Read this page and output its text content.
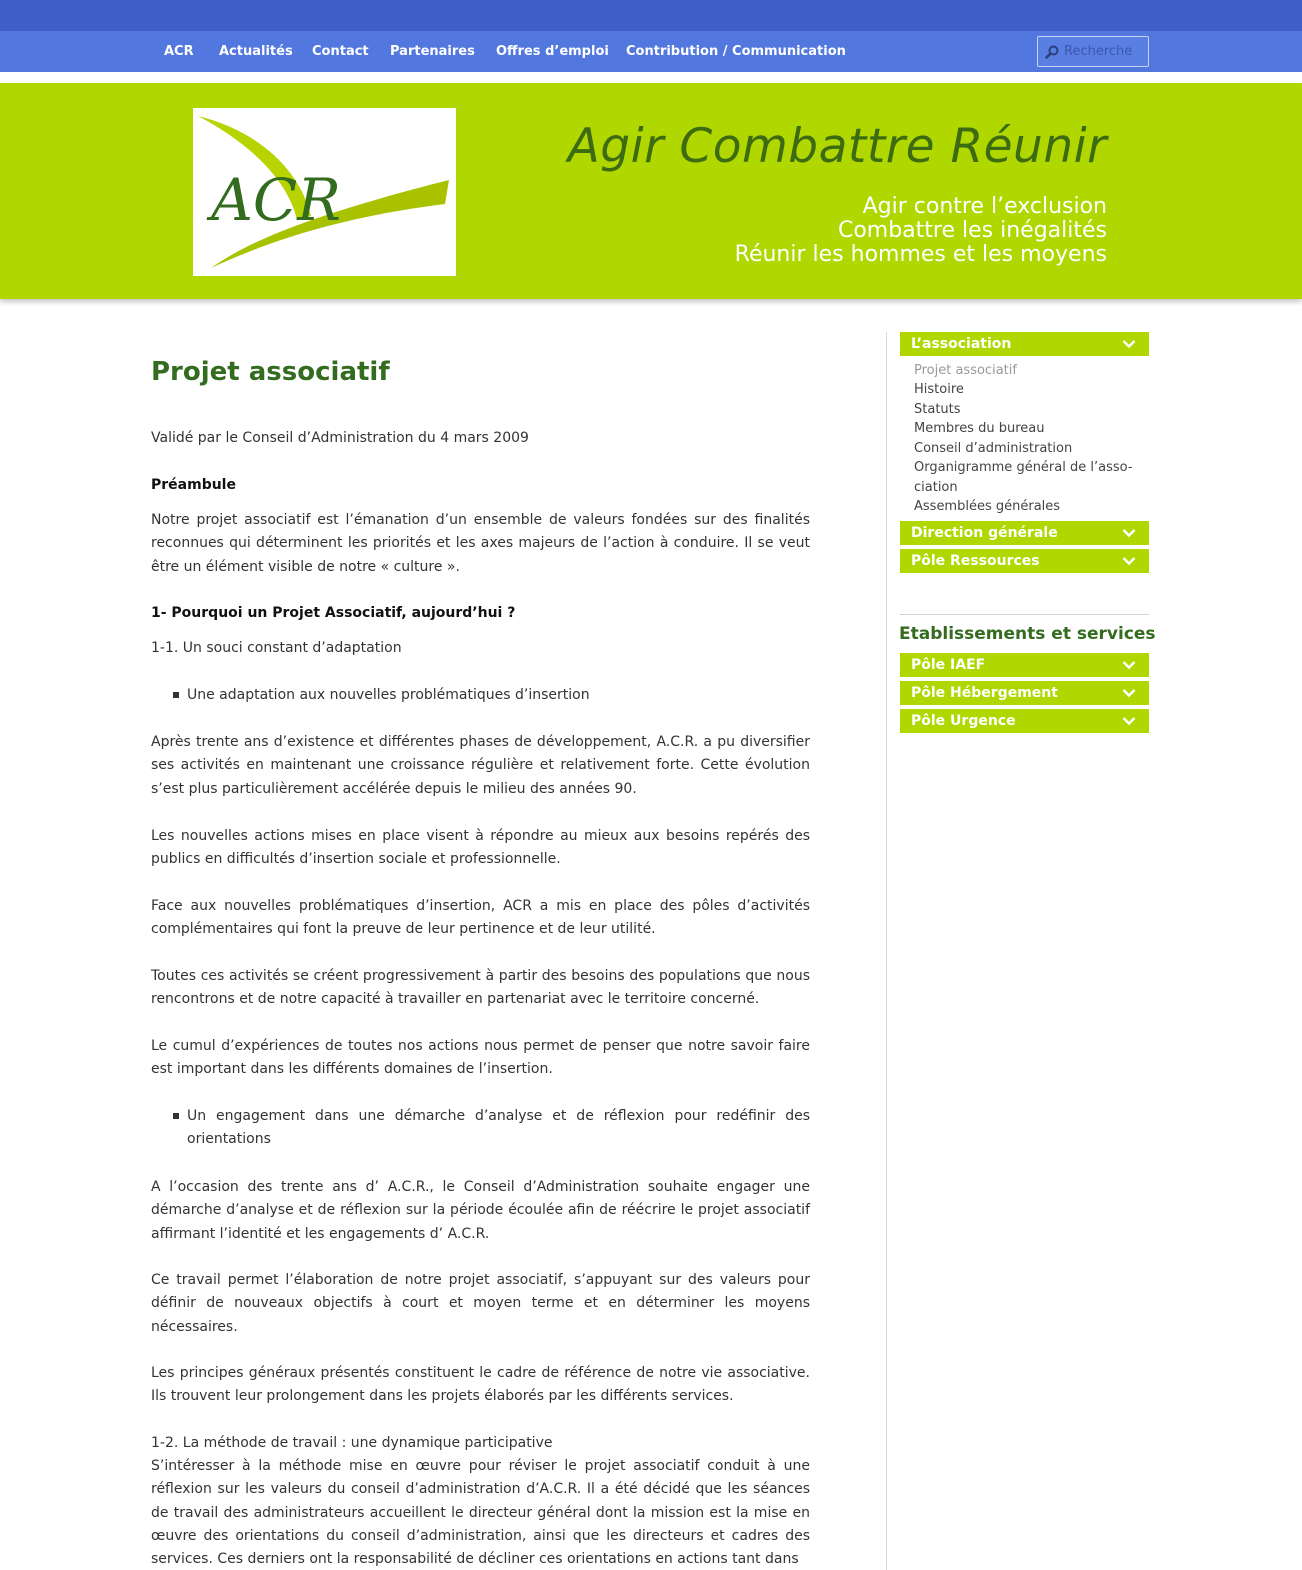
ACR Actualités Contact Partenaires Offres d’emploi Contribution / Communication
Recherche
ACR
Agir Combattre Réunir
Agir contre l’exclusion
Combattre les inégalités
Réunir les hommes et les moyens
Projet associatif

Validé par le Conseil d’Administration du 4 mars 2009

Préambule

Notre projet associatif est l’émanation d’un ensemble de valeurs fondées sur des finalités reconnues qui déterminent les priorités et les axes majeurs de l’action à conduire. Il se veut être un élément visible de notre « culture ».

1- Pourquoi un Projet Associatif, aujourd’hui ?

1-1. Un souci constant d’adaptation

Une adaptation aux nouvelles problématiques d’insertion

Après trente ans d’existence et différentes phases de développement, A.C.R. a pu diversifier ses activités en maintenant une croissance régulière et relativement forte. Cette évolution s’est plus particulièrement accélérée depuis le milieu des années 90.

Les nouvelles actions mises en place visent à répondre au mieux aux besoins repérés des publics en difficultés d’insertion sociale et professionnelle.

Face aux nouvelles problématiques d’insertion, ACR a mis en place des pôles d’activités complémentaires qui font la preuve de leur pertinence et de leur utilité.

Toutes ces activités se créent progressivement à partir des besoins des populations que nous rencontrons et de notre capacité à travailler en partenariat avec le territoire concerné.

Le cumul d’expériences de toutes nos actions nous permet de penser que notre savoir faire est important dans les différents domaines de l’insertion.

Un engagement dans une démarche d’analyse et de réflexion pour redéfinir des orientations

A l’occasion des trente ans d’ A.C.R., le Conseil d’Administration souhaite engager une démarche d’analyse et de réflexion sur la période écoulée afin de réécrire le projet associatif affirmant l’identité et les engagements d’ A.C.R.

Ce travail permet l’élaboration de notre projet associatif, s’appuyant sur des valeurs pour définir de nouveaux objectifs à court et moyen terme et en déterminer les moyens nécessaires.

Les principes généraux présentés constituent le cadre de référence de notre vie associative. Ils trouvent leur prolongement dans les projets élaborés par les différents services.

1-2. La méthode de travail : une dynamique participative

S’intéresser à la méthode mise en œuvre pour réviser le projet associatif conduit à une réflexion sur les valeurs du conseil d’administration d’A.C.R. Il a été décidé que les séances de travail des administrateurs accueillent le directeur général dont la mission est la mise en œuvre des orientations du conseil d’administration, ainsi que les directeurs et cadres des services. Ces derniers ont la responsabilité de décliner ces orientations en actions tant dans

L’association
Projet associatif
Histoire
Statuts
Membres du bureau
Conseil d’administration
Organigramme général de l’asso-
ciation
Assemblées générales
Direction générale
Pôle Ressources
Etablissements et services
Pôle IAEF
Pôle Hébergement
Pôle Urgence
